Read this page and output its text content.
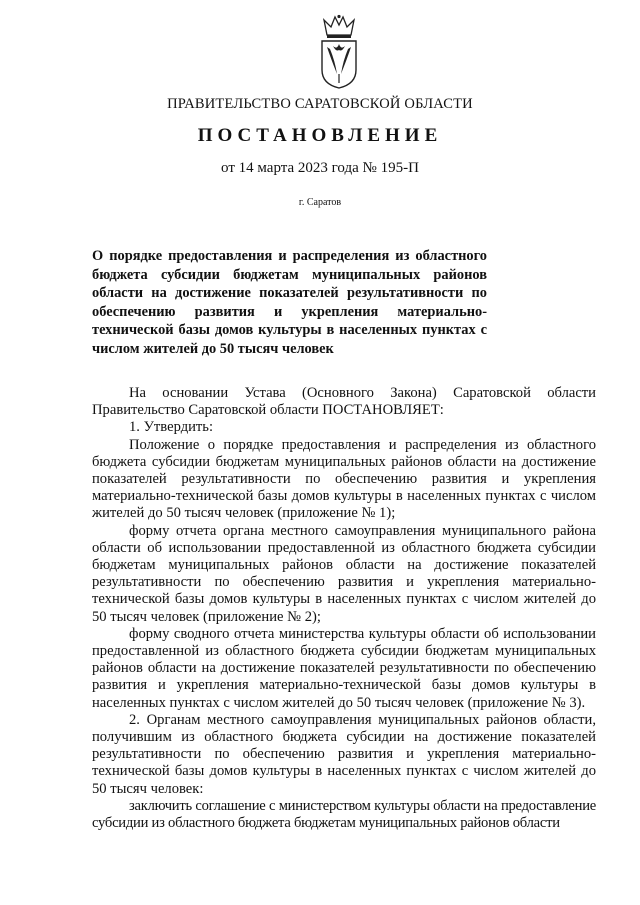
ПРАВИТЕЛЬСТВО САРАТОВСКОЙ ОБЛАСТИ
ПОСТАНОВЛЕНИЕ
от 14 марта 2023 года № 195-П
г. Саратов
О порядке предоставления и распределения из областного бюджета субсидии бюджетам муниципальных районов области на достижение показателей результативности по обеспечению развития и укрепления материально-технической базы домов культуры в населенных пунктах с числом жителей до 50 тысяч человек

На основании Устава (Основного Закона) Саратовской области Правительство Саратовской области ПОСТАНОВЛЯЕТ:

1. Утвердить:

Положение о порядке предоставления и распределения из областного бюджета субсидии бюджетам муниципальных районов области на достижение показателей результативности по обеспечению развития и укрепления материально-технической базы домов культуры в населенных пунктах с числом жителей до 50 тысяч человек (приложение № 1);

форму отчета органа местного самоуправления муниципального района области об использовании предоставленной из областного бюджета субсидии бюджетам муниципальных районов области на достижение показателей результативности по обеспечению развития и укрепления материально-технической базы домов культуры в населенных пунктах с числом жителей до 50 тысяч человек (приложение № 2);

форму сводного отчета министерства культуры области об использовании предоставленной из областного бюджета субсидии бюджетам муниципальных районов области на достижение показателей результативности по обеспечению развития и укрепления материально-технической базы домов культуры в населенных пунктах с числом жителей до 50 тысяч человек (приложение № 3).

2. Органам местного самоуправления муниципальных районов области, получившим из областного бюджета субсидии на достижение показателей результативности по обеспечению развития и укрепления материально-технической базы домов культуры в населенных пунктах с числом жителей до 50 тысяч человек:

заключить соглашение с министерством культуры области на предоставление субсидии из областного бюджета бюджетам муниципальных районов области
